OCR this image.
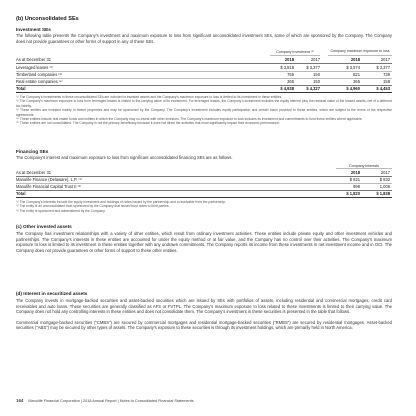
(b) Unconsolidated SEs
Investment SEs

The following table presents the Company's investment and maximum exposure to loss from significant unconsolidated investment SEs, some of which are sponsored by the Company. The Company does not provide guarantees or other forms of support in any of these SEs.

Company investment ⁽¹⁾	Company maximum exposure to loss
As at December 31	2018	2017	2018	2017
Leveraged leases ⁽²⁾	$ 3,818	$ 3,377	$ 3,574	$ 3,377
Timberland companies ⁽³⁾	755	150	821	739
Real estate companies ⁽⁴⁾	365	150	365	158
Total	$ 4,938	$ 4,327	$ 4,960	$ 4,453

⁽¹⁾ The Company's investments in these unconsolidated SEs are included in invested assets and the Company's maximum exposure to loss is limited to its investment in these entities.

⁽²⁾ The Company's maximum exposure to loss from leveraged leases is limited to the carrying value of its investment. For leveraged leases, the Company's investment includes the equity interest plus the residual value of the leased assets, net of a deferred tax liability.

⁽³⁾ These entities are invested mainly in timber properties and may be sponsored by the Company. The Company's investment includes equity participation and certain loans provided to these entities, which are subject to the terms of the respective agreements.

⁽⁴⁾ These entities include real estate funds and entities in which the Company may co-invest with other investors. The Company's maximum exposure to loss includes its investment and commitments to fund these entities where applicable.

⁽⁵⁾ These entities are not consolidated. The Company is not the primary beneficiary because it does not direct the activities that most significantly impact their economic performance.

Financing SEs

The Company's interest and maximum exposure to loss from significant unconsolidated financing SEs are as follows.

Company interests
As at December 31	2018	2017
Manulife Finance (Delaware), L.P. ⁽¹⁾	$ 821	$ 832
Manulife Financial Capital Trust II ⁽²⁾	998	1,006
Total	$ 1,820	$ 1,838

⁽¹⁾ The Company's interests include the equity investment and holdings of notes issued by the partnership and a receivable from the partnership.

⁽²⁾ The entity is an unconsolidated trust sponsored by the Company that issued trust notes to third parties.

⁽³⁾ The entity is sponsored and administered by the Company.

(c) Other invested assets

The Company has investment relationships with a variety of other entities, which result from ordinary investment activities. These entities include private equity and other investment vehicles and partnerships. The Company's interests in these entities are accounted for under the equity method or at fair value, and the Company has no control over their activities. The Company's maximum exposure to loss is limited to its investment in these entities together with any undrawn commitments. The Company reports its income from these investments in net investment income and in OCI. The Company does not provide guarantees or other forms of support to these other entities.

(d) Interest in securitized assets

The Company invests in mortgage-backed securities and asset-backed securities which are issued by SEs with portfolios of assets, including residential and commercial mortgages, credit card receivables and auto loans. These securities are generally classified as AFS or FVTPL. The Company's maximum exposure to loss related to these investments is limited to their carrying value. The Company does not hold any controlling interests in these entities and does not consolidate them. The Company's investment in these securities is presented in the table that follows.

Commercial mortgage-backed securities ("CMBS") are secured by commercial mortgages and residential mortgage-backed securities ("RMBS") are secured by residential mortgages. Asset-backed securities ("ABS") may be secured by other types of assets. The Company's exposure to these securities is through its investment holdings, which are primarily held in North America.

164 Manulife Financial Corporation | 2018 Annual Report | Notes to Consolidated Financial Statements
